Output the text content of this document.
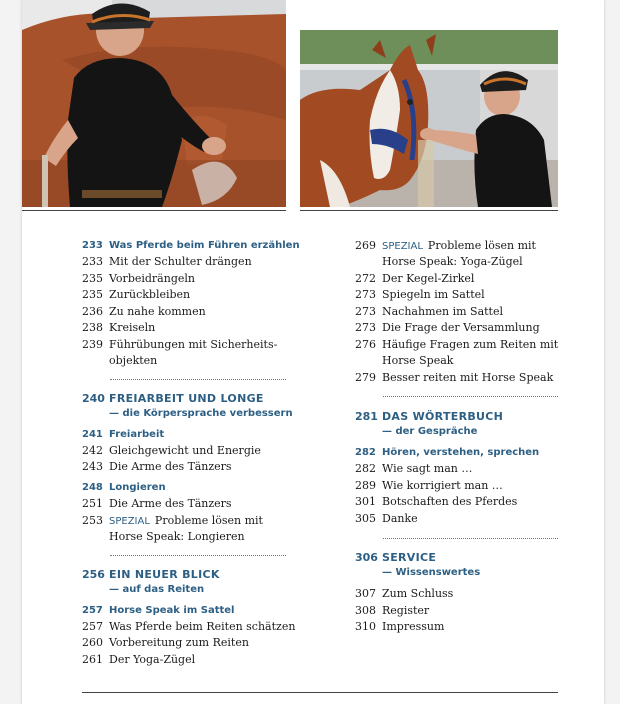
233 Was Pferde beim Führen erzählen
233 Mit der Schulter drängen
235 Vorbeidrängeln
235 Zurückbleiben
236 Zu nahe kommen
238 Kreiseln
239 Führübungen mit Sicherheits-
objekten
240 FREIARBEIT UND LONGE
— die Körpersprache verbessern
241 Freiarbeit
242 Gleichgewicht und Energie
243 Die Arme des Tänzers
248 Longieren
251 Die Arme des Tänzers
253 SPEZIAL Probleme lösen mit
Horse Speak: Longieren
256 EIN NEUER BLICK
— auf das Reiten
257 Horse Speak im Sattel
257 Was Pferde beim Reiten schätzen
260 Vorbereitung zum Reiten
261 Der Yoga-Zügel
269 SPEZIAL Probleme lösen mit
Horse Speak: Yoga-Zügel
272 Der Kegel-Zirkel
273 Spiegeln im Sattel
273 Nachahmen im Sattel
273 Die Frage der Versammlung
276 Häufige Fragen zum Reiten mit
Horse Speak
279 Besser reiten mit Horse Speak
281 DAS WÖRTERBUCH
— der Gespräche
282 Hören, verstehen, sprechen
282 Wie sagt man …
289 Wie korrigiert man …
301 Botschaften des Pferdes
305 Danke
306 SERVICE
— Wissenswertes
307 Zum Schluss
308 Register
310 Impressum
